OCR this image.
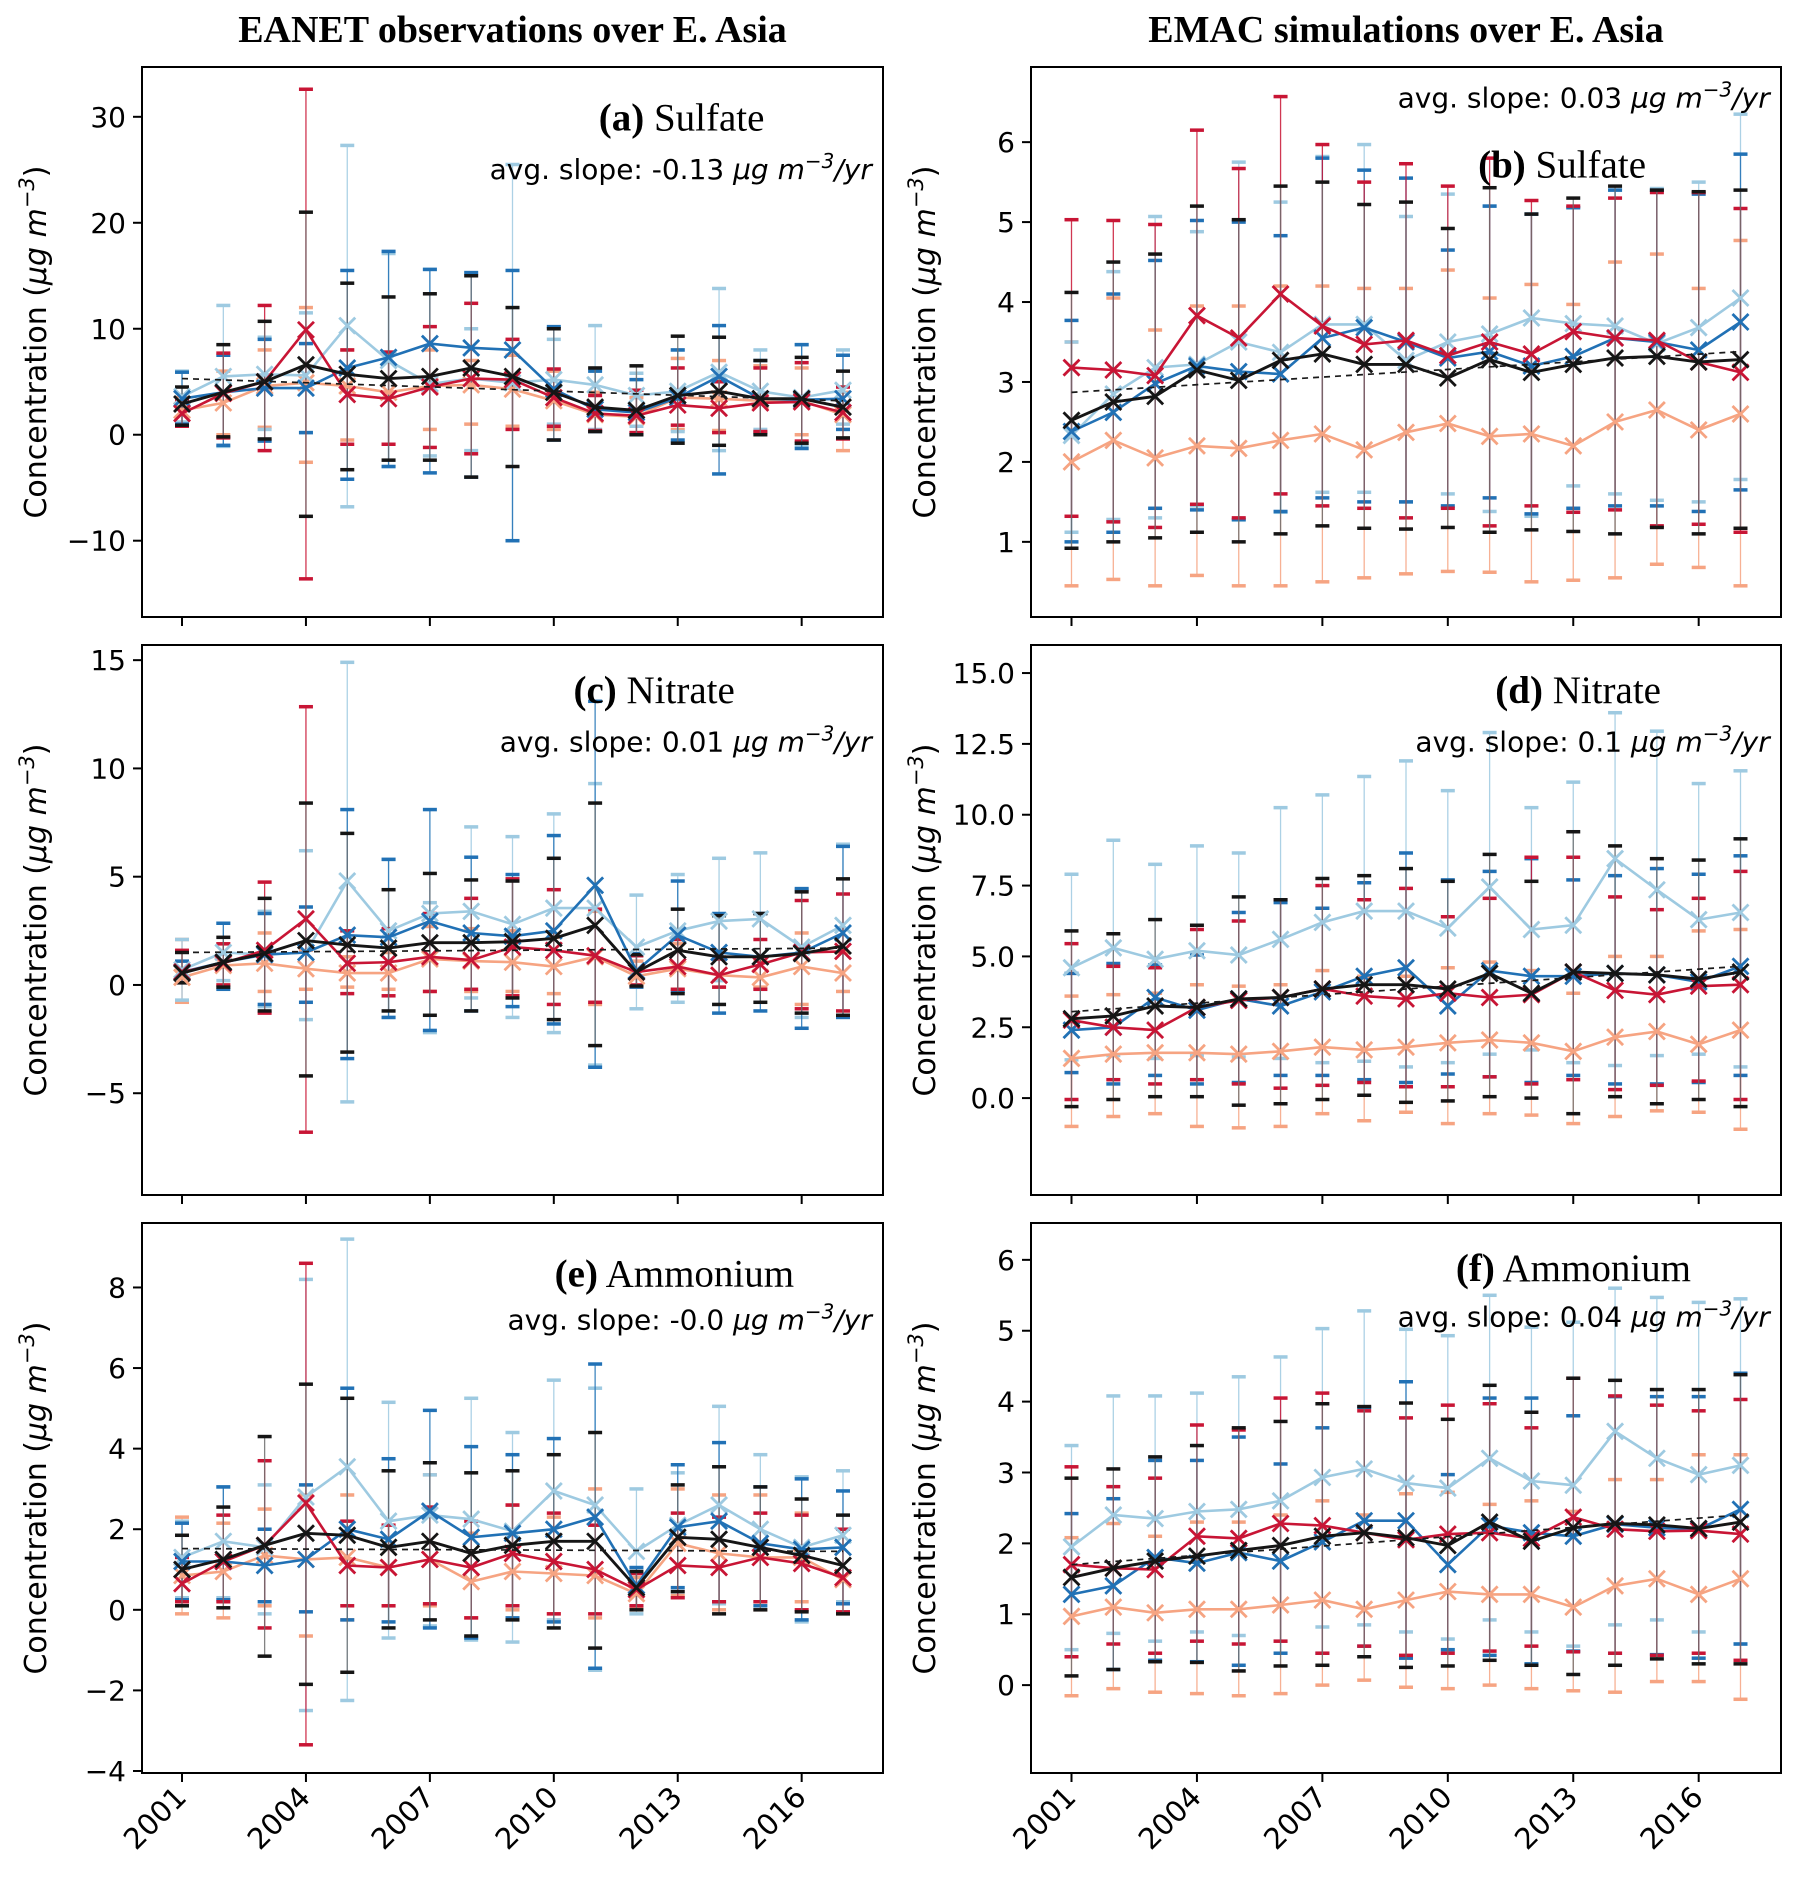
EANET observations over E. Asia	EMAC simulations over E. Asia
−10
0
10
20
30
Concentration (μg $m^{-3}$)
(a) Sulfate
avg. slope: -0.13 μg $m^{-3}/yr$
1
2
3
4
5
6
Concentration (μg $m^{-3}$)	(b) Sulfate
avg. slope: 0.03 μg $m^{-3}/yr$
−5
0
5
10
15
Concentration (μg $m^{-3}$)
(c) Nitrate
avg. slope: 0.01 μg $m^{-3}/yr$
0.0
2.5
5.0
7.5
10.0
12.5
15.0
Concentration (μg $m^{-3}$)
(d) Nitrate
avg. slope: 0.1 μg $m^{-3}/yr$
−4
−2
0
2
4
6
8
2001 2004 2007 2010 2013 2016
Concentration (μg $m^{-3}$)
(e) Ammonium
avg. slope: -0.0 μg $m^{-3}/yr$
0
1
2
3
4
5
6
2001 2004 2007 2010 2013 2016
Concentration (μg $m^{-3}$)
(f) Ammonium
avg. slope: 0.04 μg $m^{-3}/yr$
